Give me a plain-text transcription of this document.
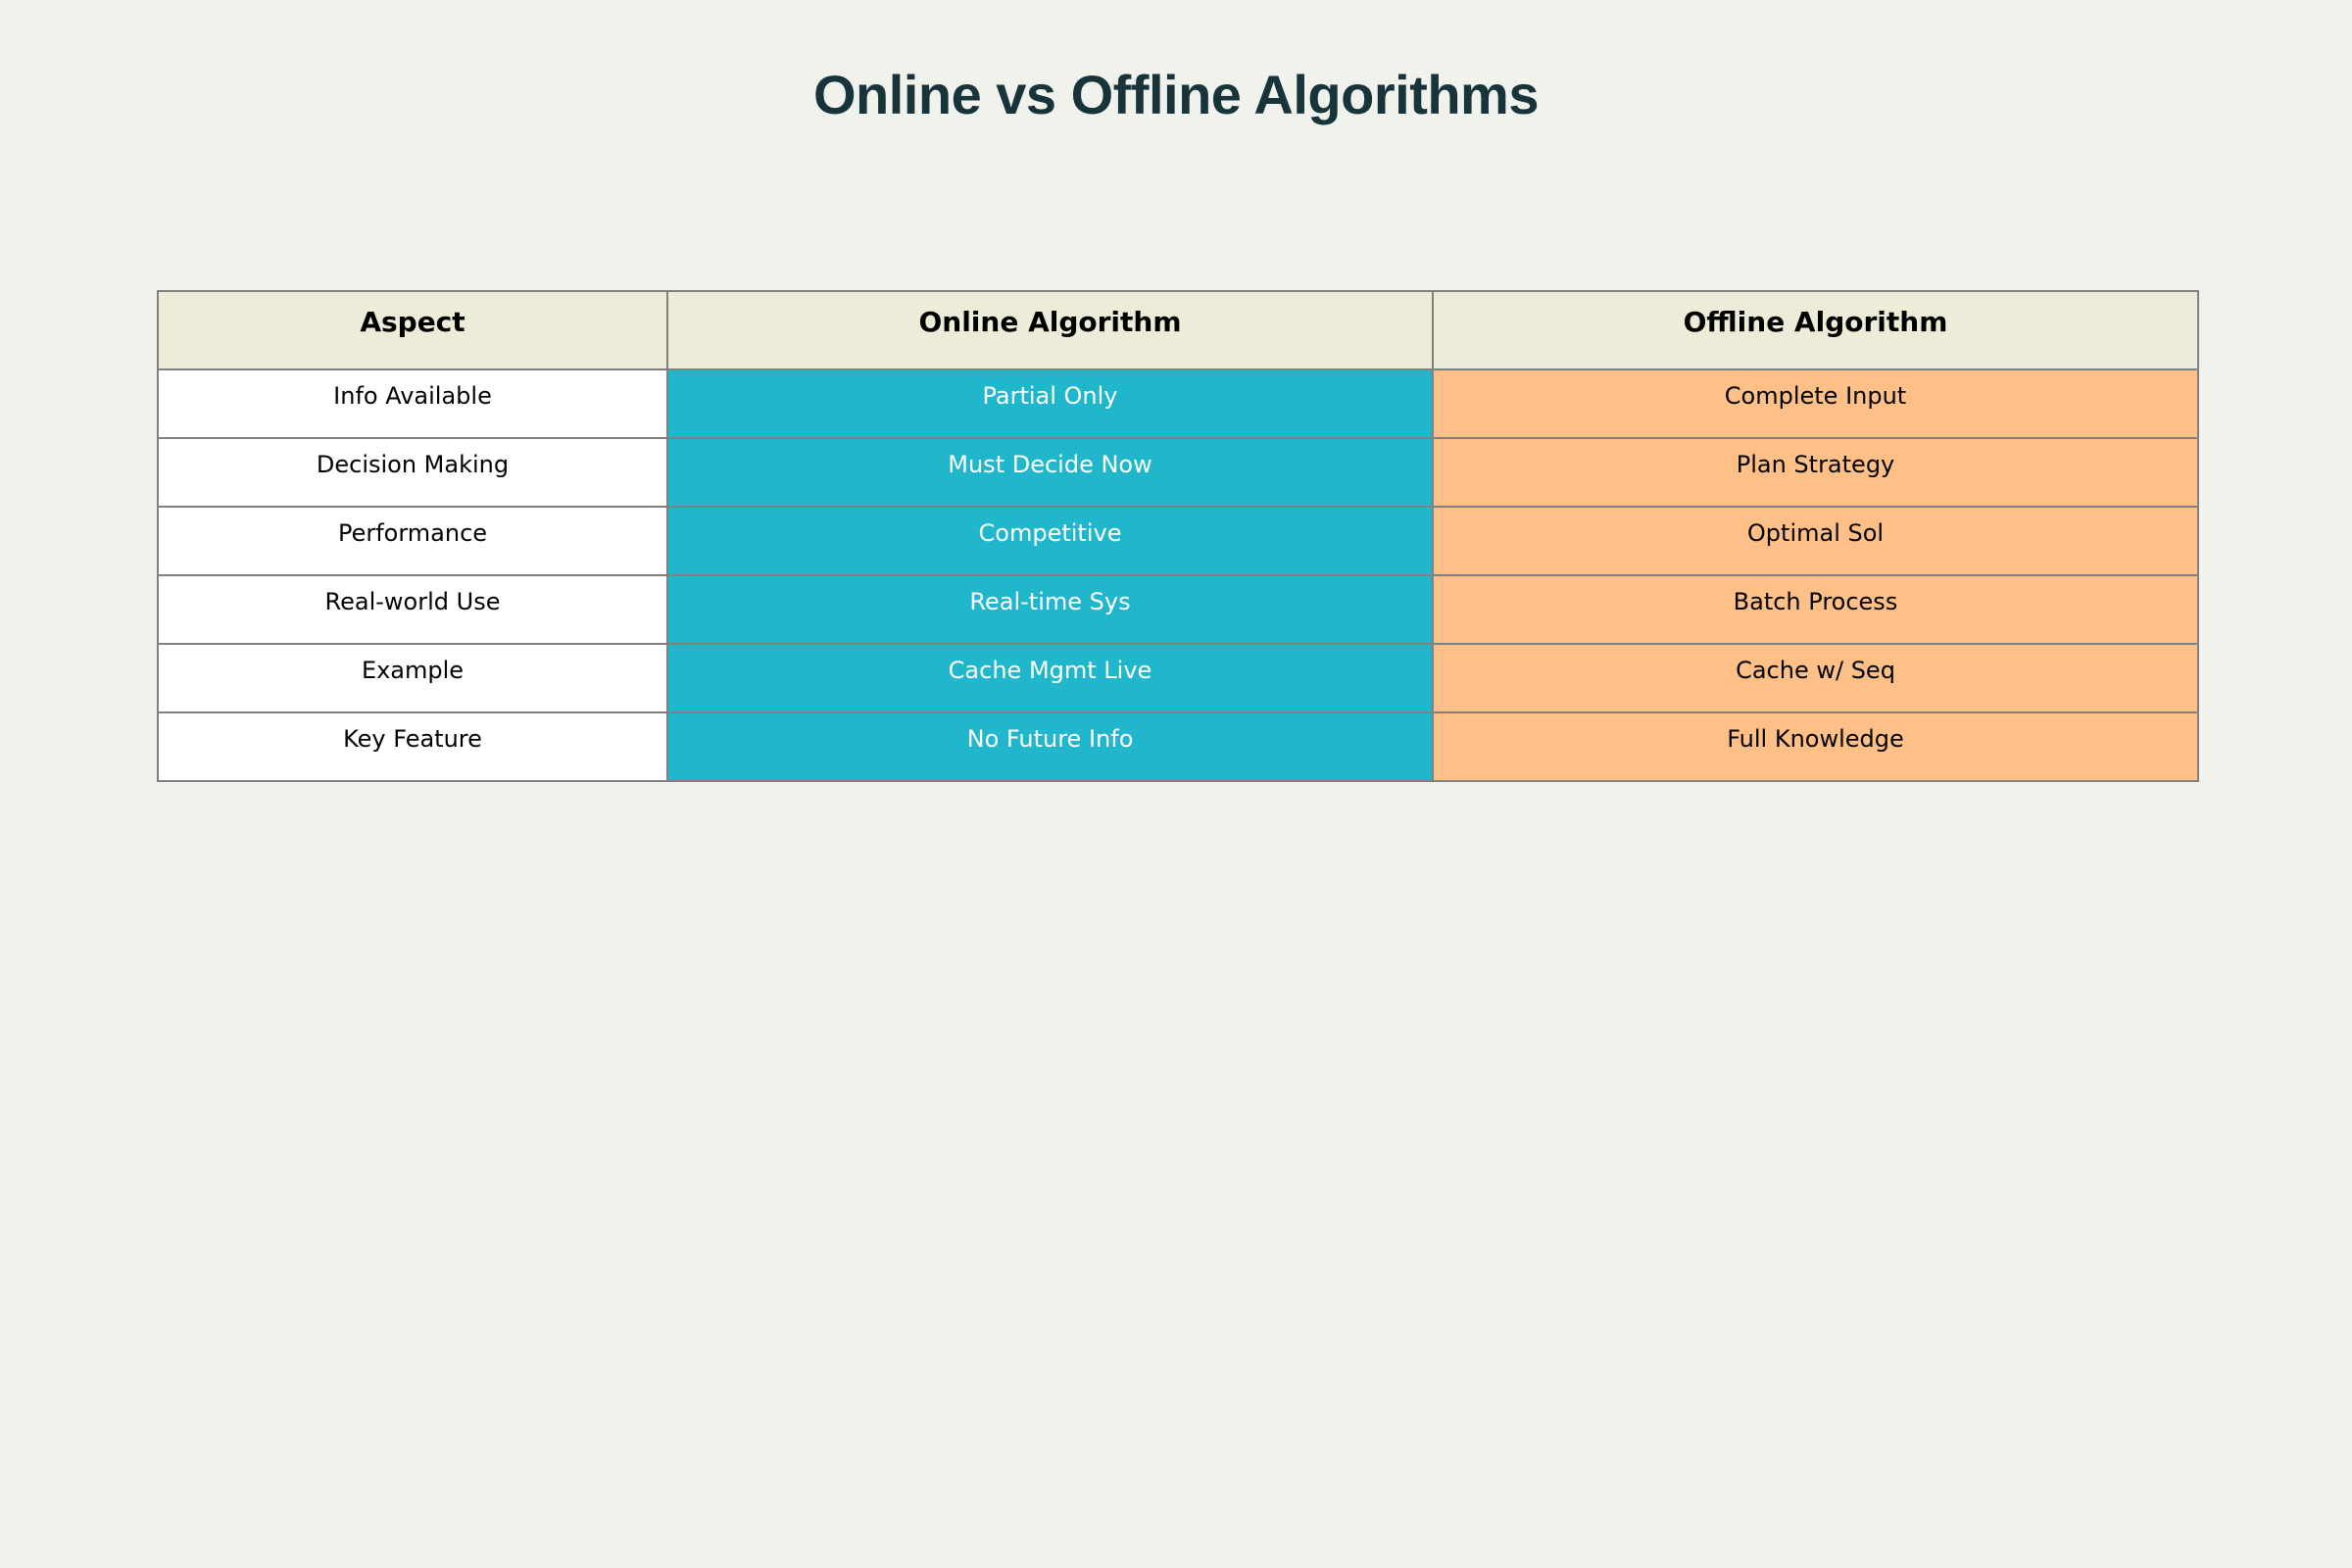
Online vs Offline Algorithms
Aspect	Online Algorithm	Offline Algorithm
Info Available	Partial Only	Complete Input
Decision Making	Must Decide Now	Plan Strategy
Performance	Competitive	Optimal Sol
Real-world Use	Real-time Sys	Batch Process
Example	Cache Mgmt Live	Cache w/ Seq
Key Feature	No Future Info	Full Knowledge
